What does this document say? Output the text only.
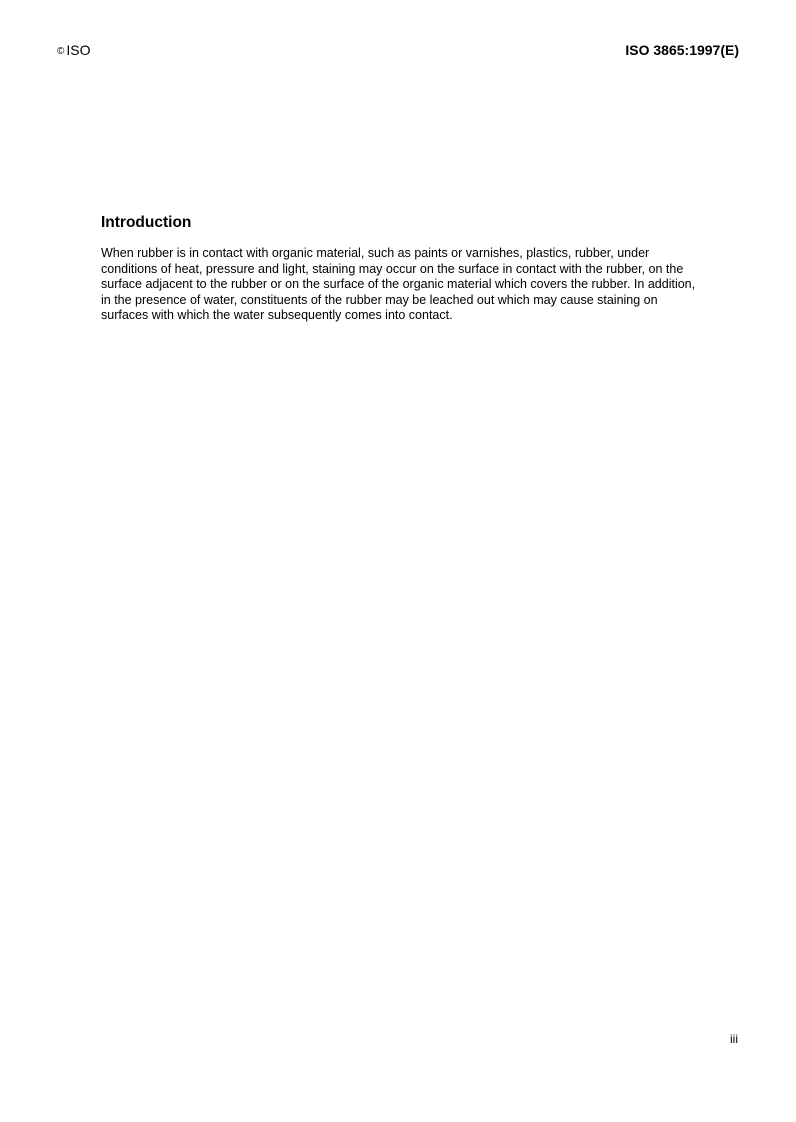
© ISO	ISO 3865:1997(E)
Introduction

When rubber is in contact with organic material, such as paints or varnishes, plastics, rubber, under
conditions of heat, pressure and light, staining may occur on the surface in contact with the rubber, on the
surface adjacent to the rubber or on the surface of the organic material which covers the rubber. In addition,
in the presence of water, constituents of the rubber may be leached out which may cause staining on
surfaces with which the water subsequently comes into contact.

iii
